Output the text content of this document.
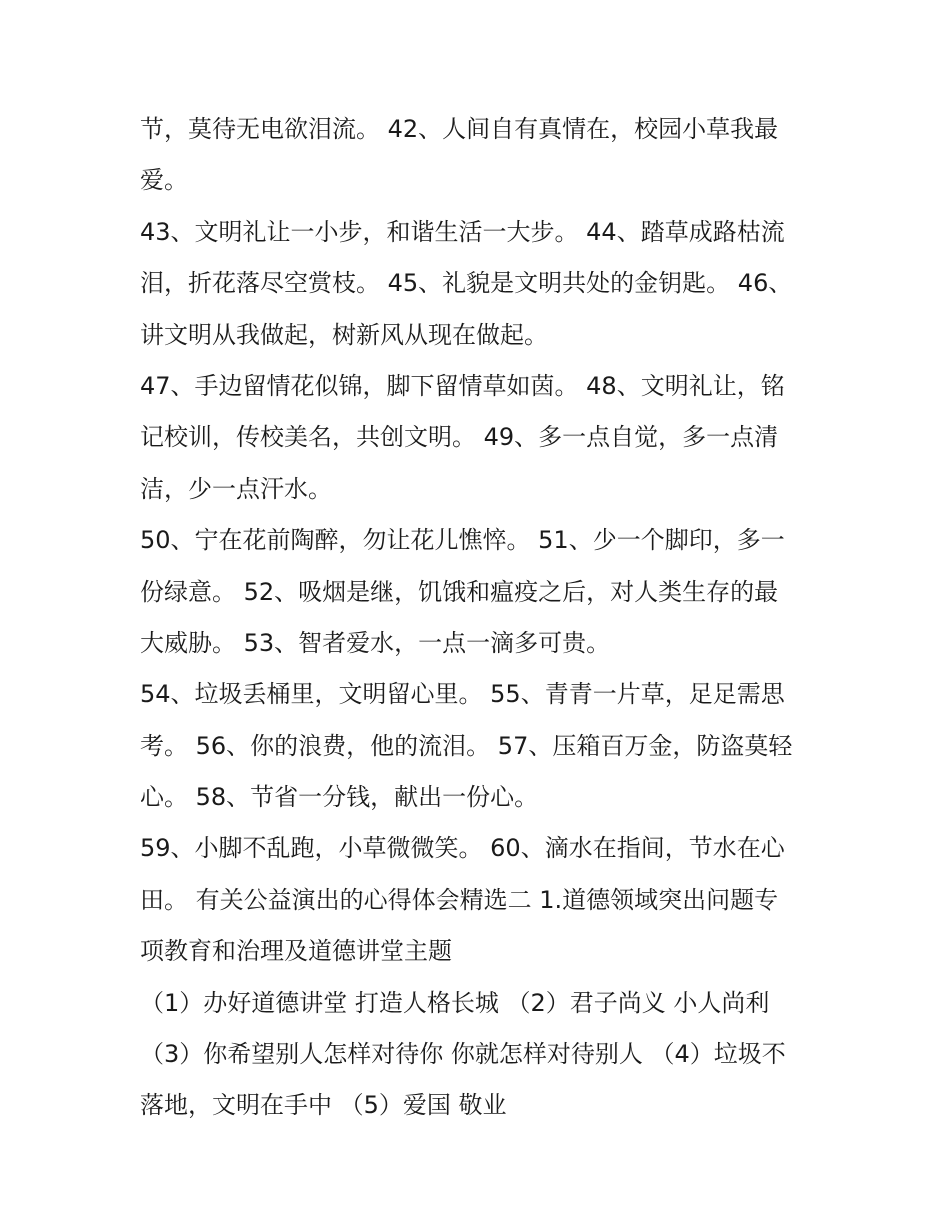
节，莫待无电欲泪流。 42、人间自有真情在，校园小草我最
爱。
43、文明礼让一小步，和谐生活一大步。 44、踏草成路枯流
泪，折花落尽空赏枝。 45、礼貌是文明共处的金钥匙。 46、
讲文明从我做起，树新风从现在做起。
47、手边留情花似锦，脚下留情草如茵。 48、文明礼让，铭
记校训，传校美名，共创文明。 49、多一点自觉，多一点清
洁，少一点汗水。
50、宁在花前陶醉，勿让花儿憔悴。 51、少一个脚印，多一
份绿意。 52、吸烟是继，饥饿和瘟疫之后，对人类生存的最
大威胁。 53、智者爱水，一点一滴多可贵。
54、垃圾丢桶里，文明留心里。 55、青青一片草，足足需思
考。 56、你的浪费，他的流泪。 57、压箱百万金，防盗莫轻
心。 58、节省一分钱，献出一份心。
59、小脚不乱跑，小草微微笑。 60、滴水在指间，节水在心
田。 有关公益演出的心得体会精选二 1.道德领域突出问题专
项教育和治理及道德讲堂主题
（1）办好道德讲堂 打造人格长城 （2）君子尚义 小人尚利
（3）你希望别人怎样对待你 你就怎样对待别人 （4）垃圾不
落地，文明在手中 （5）爱国 敬业
